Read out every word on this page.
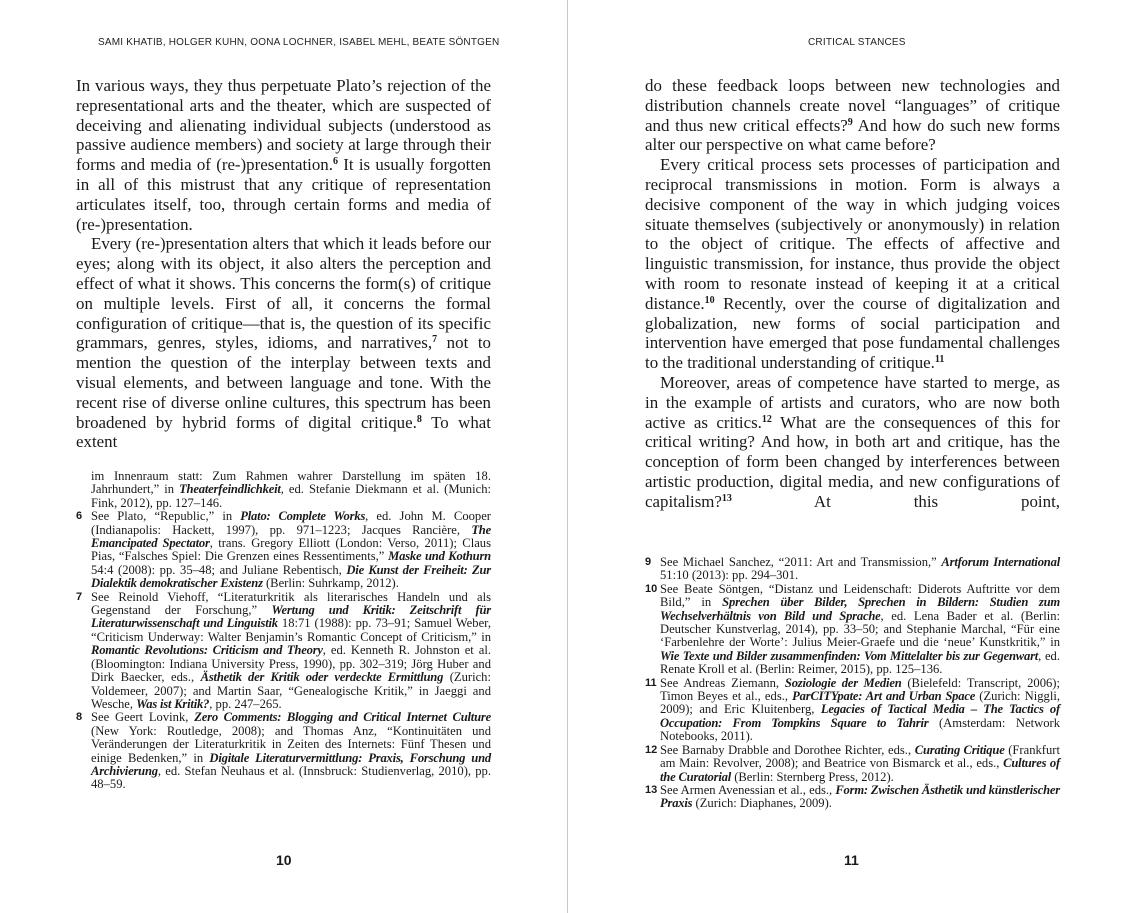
SAMI KHATIB, HOLGER KUHN, OONA LOCHNER, ISABEL MEHL, BEATE SÖNTGEN

In various ways, they thus perpetuate Plato’s rejection of the representational arts and the theater, which are suspected of deceiving and alienating individual subjects (understood as passive audience members) and society at large through their forms and media of (re-)presentation.$^6$ It is usually forgotten in all of this mistrust that any critique of representation articulates itself, too, through certain forms and media of (re-)presentation.

Every (re-)presentation alters that which it leads before our eyes; along with its object, it also alters the perception and effect of what it shows. This concerns the form(s) of critique on multiple levels. First of all, it concerns the formal configuration of critique—that is, the question of its specific grammars, genres, styles, idioms, and narratives,$^7$ not to mention the question of the interplay between texts and visual elements, and between language and tone. With the recent rise of diverse online cultures, this spectrum has been broadened by hybrid forms of digital critique.$^8$ To what extent

im Innenraum statt: Zum Rahmen wahrer Darstellung im späten 18. Jahrhundert,” in Theaterfeindlichkeit, ed. Stefanie Diekmann et al. (Munich: Fink, 2012), pp. 127–146.
6 See Plato, “Republic,” in Plato: Complete Works, ed. John M. Cooper (Indianapolis: Hackett, 1997), pp. 971–1223; Jacques Rancière, The Emancipated Spectator, trans. Gregory Elliott (London: Verso, 2011); Claus Pias, “Falsches Spiel: Die Grenzen eines Ressentiments,” Maske und Kothurn 54:4 (2008): pp. 35–48; and Juliane Rebentisch, Die Kunst der Freiheit: Zur Dialektik demokratischer Existenz (Berlin: Suhrkamp, 2012).
7 See Reinold Viehoff, “Literaturkritik als literarisches Handeln und als Gegenstand der Forschung,” Wertung und Kritik: Zeitschrift für Literaturwissenschaft und Linguistik 18:71 (1988): pp. 73–91; Samuel Weber, “Criticism Underway: Walter Benjamin’s Romantic Concept of Criticism,” in Romantic Revolutions: Criticism and Theory, ed. Kenneth R. Johnston et al. (Bloomington: Indiana University Press, 1990), pp. 302–319; Jörg Huber and Dirk Baecker, eds., Ästhetik der Kritik oder verdeckte Ermittlung (Zurich: Voldemeer, 2007); and Martin Saar, “Genealogische Kritik,” in Jaeggi and Wesche, Was ist Kritik?, pp. 247–265.
8 See Geert Lovink, Zero Comments: Blogging and Critical Internet Culture (New York: Routledge, 2008); and Thomas Anz, “Kontinuitäten und Veränderungen der Literaturkritik in Zeiten des Internets: Fünf Thesen und einige Bedenken,” in Digitale Literaturvermittlung: Praxis, Forschung und Archivierung, ed. Stefan Neuhaus et al. (Innsbruck: Studienverlag, 2010), pp. 48–59.
10
CRITICAL STANCES

do these feedback loops between new technologies and distribution channels create novel “languages” of critique and thus new critical effects?$^9$ And how do such new forms alter our perspective on what came before?

Every critical process sets processes of participation and reciprocal transmissions in motion. Form is always a decisive component of the way in which judging voices situate themselves (subjectively or anonymously) in relation to the object of critique. The effects of affective and linguistic transmission, for instance, thus provide the object with room to resonate instead of keeping it at a critical distance.$^{10}$ Recently, over the course of digitalization and globalization, new forms of social participation and intervention have emerged that pose fundamental challenges to the traditional understanding of critique.$^{11}$

Moreover, areas of competence have started to merge, as in the example of artists and curators, who are now both active as critics.$^{12}$ What are the consequences of this for critical writing? And how, in both art and critique, has the conception of form been changed by interferences between artistic production, digital media, and new configurations of capitalism?$^{13}$ At this point,

9 See Michael Sanchez, “2011: Art and Transmission,” Artforum International 51:10 (2013): pp. 294–301.
10 See Beate Söntgen, “Distanz und Leidenschaft: Diderots Auftritte vor dem Bild,” in Sprechen über Bilder, Sprechen in Bildern: Studien zum Wechselverhältnis von Bild und Sprache, ed. Lena Bader et al. (Berlin: Deutscher Kunstverlag, 2014), pp. 33–50; and Stephanie Marchal, “Für eine ‘Farbenlehre der Worte’: Julius Meier-Graefe und die ‘neue’ Kunstkritik,” in Wie Texte und Bilder zusammenfinden: Vom Mittelalter bis zur Gegenwart, ed. Renate Kroll et al. (Berlin: Reimer, 2015), pp. 125–136.
11 See Andreas Ziemann, Soziologie der Medien (Bielefeld: Transcript, 2006); Timon Beyes et al., eds., ParCITYpate: Art and Urban Space (Zurich: Niggli, 2009); and Eric Kluitenberg, Legacies of Tactical Media – The Tactics of Occupation: From Tompkins Square to Tahrir (Amsterdam: Network Notebooks, 2011).
12 See Barnaby Drabble and Dorothee Richter, eds., Curating Critique (Frankfurt am Main: Revolver, 2008); and Beatrice von Bismarck et al., eds., Cultures of the Curatorial (Berlin: Sternberg Press, 2012).
13 See Armen Avenessian et al., eds., Form: Zwischen Ästhetik und künstlerischer Praxis (Zurich: Diaphanes, 2009).
11
